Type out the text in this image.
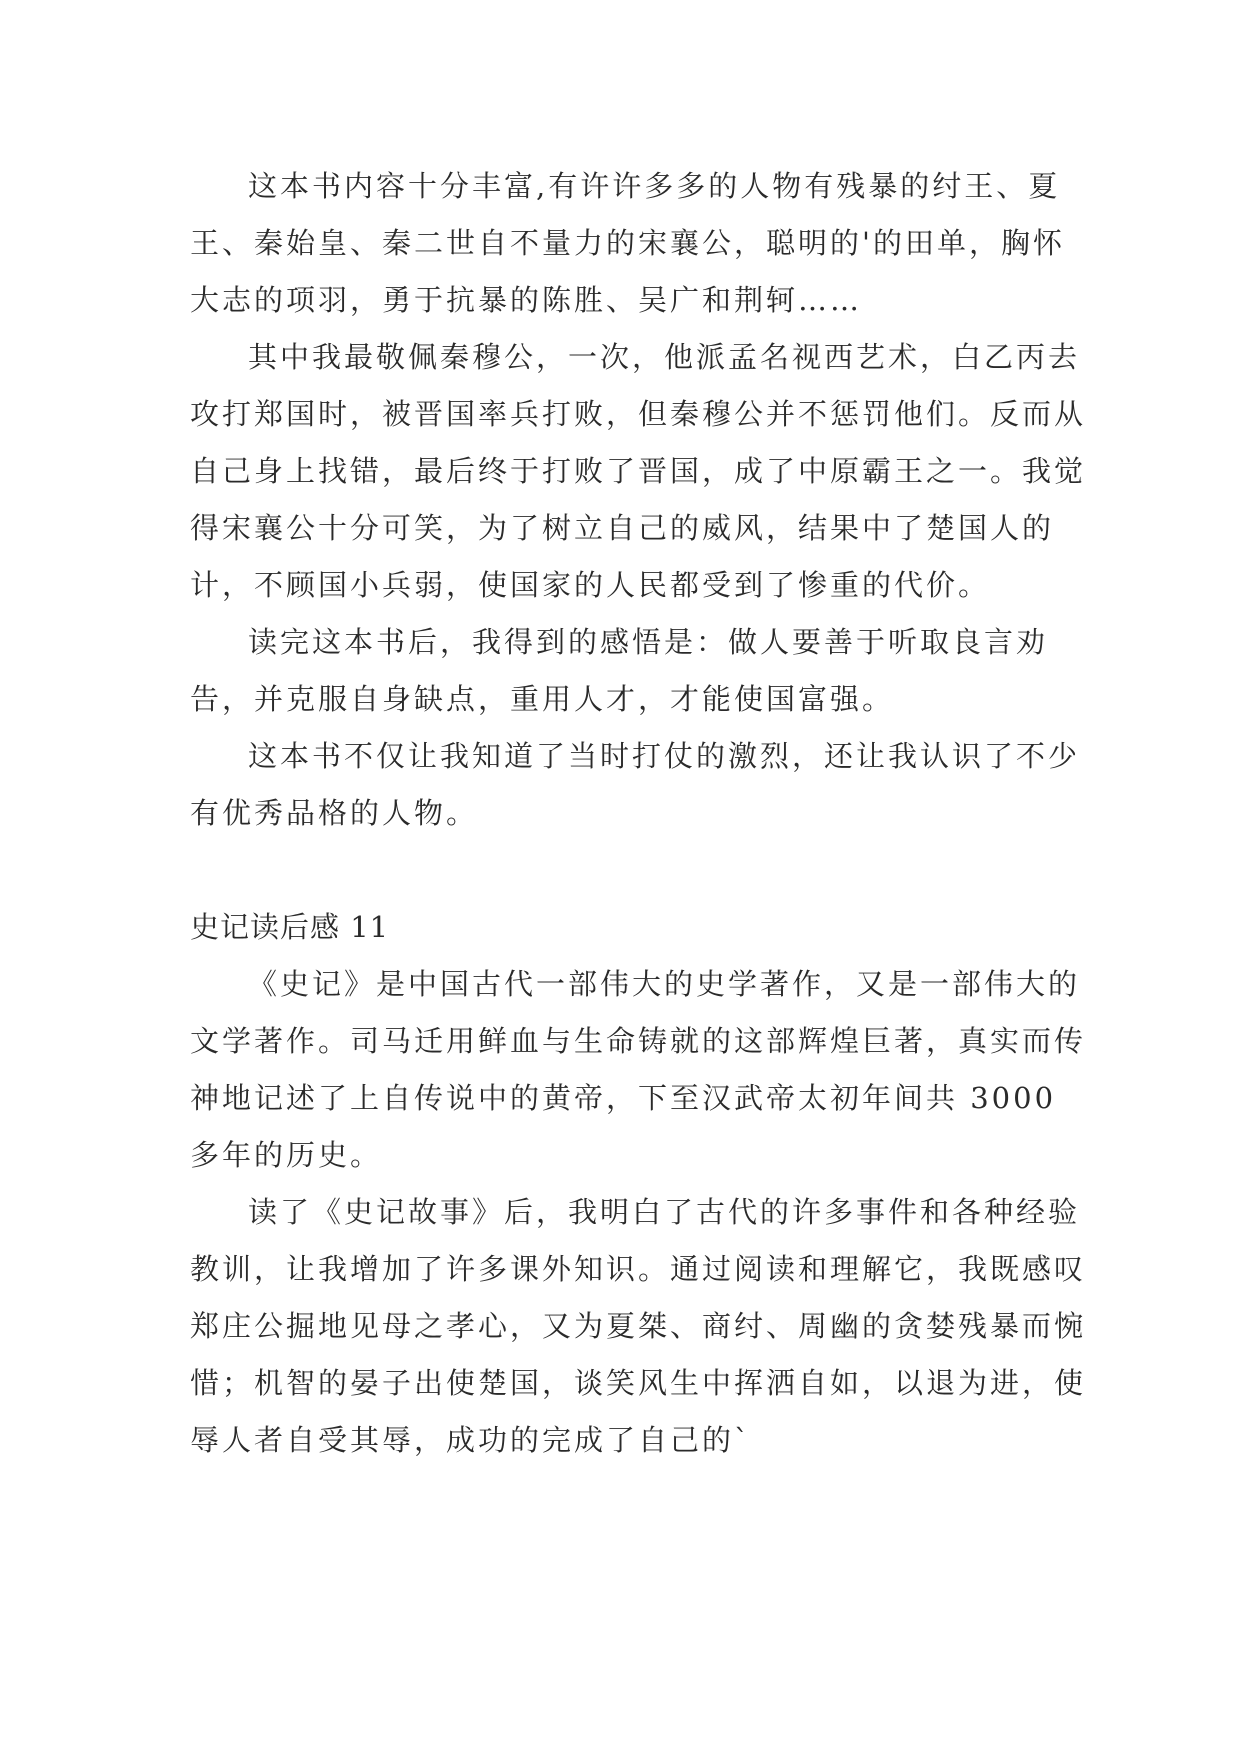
这本书内容十分丰富,有许许多多的人物有残暴的纣王、夏王、秦始皇、秦二世自不量力的宋襄公，聪明的'的田单，胸怀大志的项羽，勇于抗暴的陈胜、吴广和荆轲……

其中我最敬佩秦穆公，一次，他派孟名视西艺术，白乙丙去攻打郑国时，被晋国率兵打败，但秦穆公并不惩罚他们。反而从自己身上找错，最后终于打败了晋国，成了中原霸王之一。我觉得宋襄公十分可笑，为了树立自己的威风，结果中了楚国人的计，不顾国小兵弱，使国家的人民都受到了惨重的代价。

读完这本书后，我得到的感悟是：做人要善于听取良言劝告，并克服自身缺点，重用人才，才能使国富强。

这本书不仅让我知道了当时打仗的激烈，还让我认识了不少有优秀品格的人物。

史记读后感 11

《史记》是中国古代一部伟大的史学著作，又是一部伟大的文学著作。司马迁用鲜血与生命铸就的这部辉煌巨著，真实而传神地记述了上自传说中的黄帝，下至汉武帝太初年间共 3000 多年的历史。

读了《史记故事》后，我明白了古代的许多事件和各种经验教训，让我增加了许多课外知识。通过阅读和理解它，我既感叹郑庄公掘地见母之孝心，又为夏桀、商纣、周幽的贪婪残暴而惋惜；机智的晏子出使楚国，谈笑风生中挥洒自如，以退为进，使辱人者自受其辱，成功的完成了自己的`
